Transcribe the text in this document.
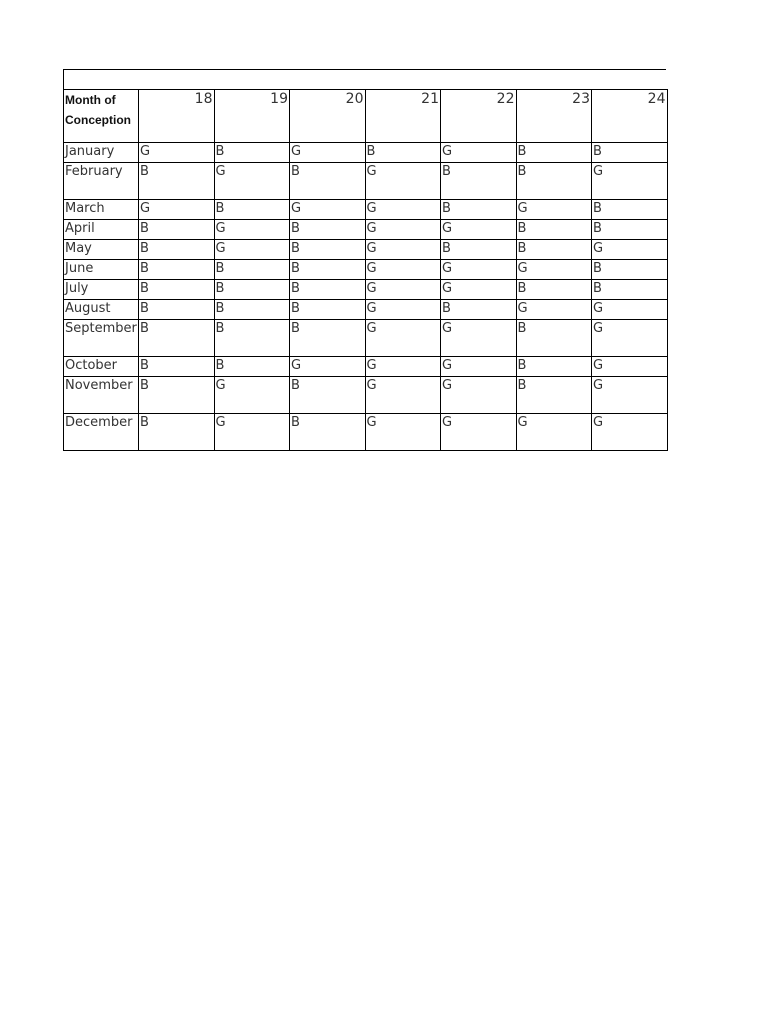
Month of Conception	18	19	20	21	22	23	24
January	G	B	G	B	G	B	B
February	B	G	B	G	B	B	G
March	G	B	G	G	B	G	B
April	B	G	B	G	G	B	B
May	B	G	B	G	B	B	G
June	B	B	B	G	G	G	B
July	B	B	B	G	G	B	B
August	B	B	B	G	B	G	G
September	B	B	B	G	G	B	G
October	B	B	G	G	G	B	G
November	B	G	B	G	G	B	G
December	B	G	B	G	G	G	G
